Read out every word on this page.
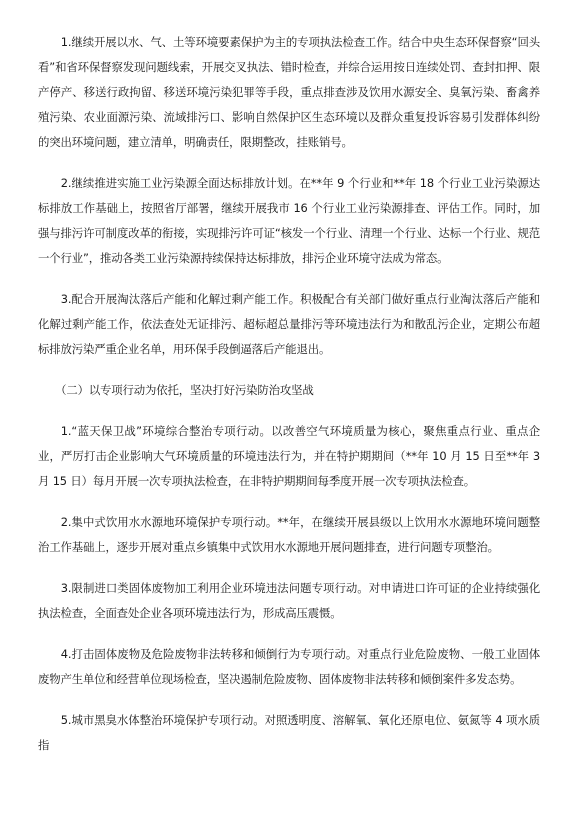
1.继续开展以水、气、土等环境要素保护为主的专项执法检查工作。结合中央生态环保督察“回头看”和省环保督察发现问题线索，开展交叉执法、错时检查，并综合运用按日连续处罚、查封扣押、限产停产、移送行政拘留、移送环境污染犯罪等手段，重点排查涉及饮用水源安全、臭氧污染、畜禽养殖污染、农业面源污染、流域排污口、影响自然保护区生态环境以及群众重复投诉容易引发群体纠纷的突出环境问题，建立清单，明确责任，限期整改，挂账销号。

2.继续推进实施工业污染源全面达标排放计划。在**年 9 个行业和**年 18 个行业工业污染源达标排放工作基础上，按照省厅部署，继续开展我市 16 个行业工业污染源排查、评估工作。同时，加强与排污许可制度改革的衔接，实现排污许可证“核发一个行业、清理一个行业、达标一个行业、规范一个行业”，推动各类工业污染源持续保持达标排放，排污企业环境守法成为常态。

3.配合开展淘汰落后产能和化解过剩产能工作。积极配合有关部门做好重点行业淘汰落后产能和化解过剩产能工作，依法查处无证排污、超标超总量排污等环境违法行为和散乱污企业，定期公布超标排放污染严重企业名单，用环保手段倒逼落后产能退出。

（二）以专项行动为依托，坚决打好污染防治攻坚战

1.“蓝天保卫战”环境综合整治专项行动。以改善空气环境质量为核心，聚焦重点行业、重点企业，严厉打击企业影响大气环境质量的环境违法行为，并在特护期期间（**年 10 月 15 日至**年 3 月 15 日）每月开展一次专项执法检查，在非特护期期间每季度开展一次专项执法检查。

2.集中式饮用水水源地环境保护专项行动。**年，在继续开展县级以上饮用水水源地环境问题整治工作基础上，逐步开展对重点乡镇集中式饮用水水源地开展问题排查，进行问题专项整治。

3.限制进口类固体废物加工利用企业环境违法问题专项行动。对申请进口许可证的企业持续强化执法检查，全面查处企业各项环境违法行为，形成高压震慑。

4.打击固体废物及危险废物非法转移和倾倒行为专项行动。对重点行业危险废物、一般工业固体废物产生单位和经营单位现场检查，坚决遏制危险废物、固体废物非法转移和倾倒案件多发态势。

5.城市黑臭水体整治环境保护专项行动。对照透明度、溶解氧、氧化还原电位、氨氮等 4 项水质指
